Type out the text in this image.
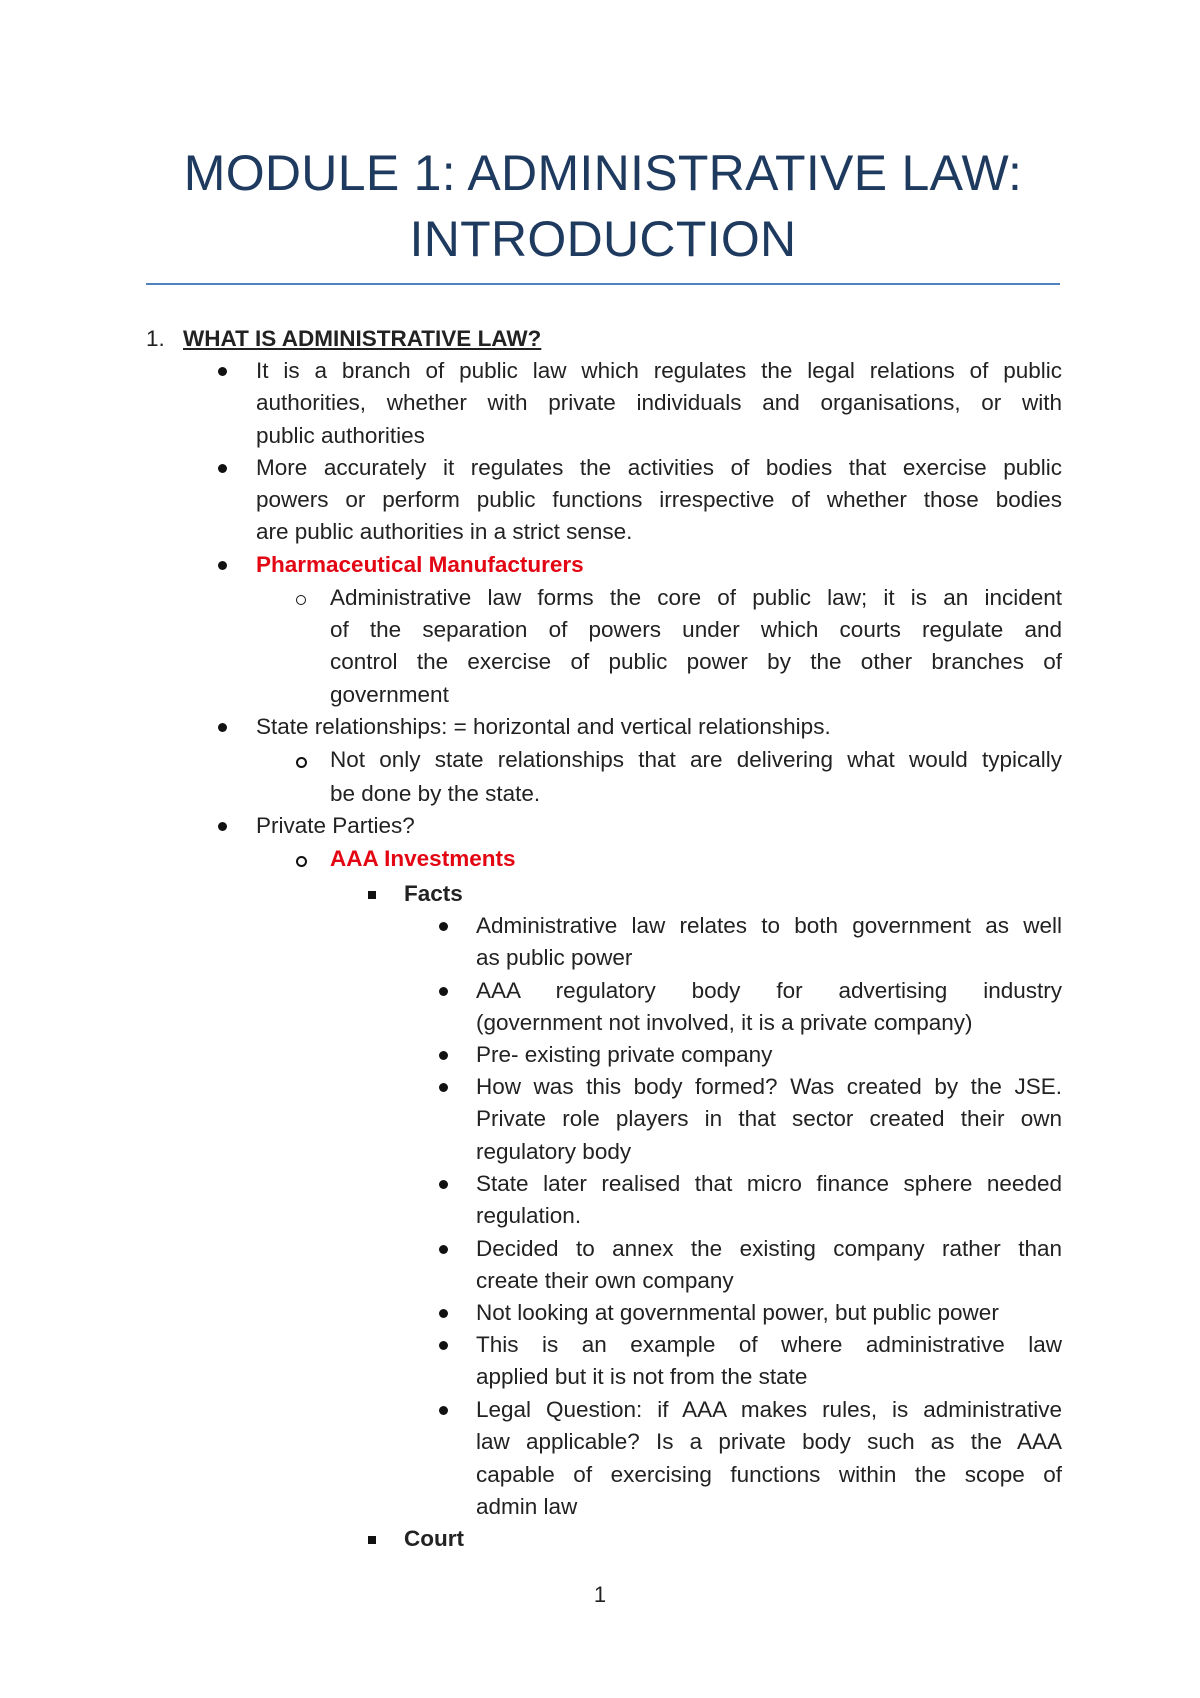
MODULE 1: ADMINISTRATIVE LAW:
INTRODUCTION
1. WHAT IS ADMINISTRATIVE LAW?
It is a branch of public law which regulates the legal relations of public
authorities, whether with private individuals and organisations, or with
public authorities
More accurately it regulates the activities of bodies that exercise public
powers or perform public functions irrespective of whether those bodies
are public authorities in a strict sense.
Pharmaceutical Manufacturers
Administrative law forms the core of public law; it is an incident
of the separation of powers under which courts regulate and
control the exercise of public power by the other branches of
government
State relationships: = horizontal and vertical relationships.
Not only state relationships that are delivering what would typically
be done by the state.
Private Parties?
AAA Investments
Facts
Administrative law relates to both government as well
as public power
AAA regulatory body for advertising industry
(government not involved, it is a private company)
Pre- existing private company
How was this body formed? Was created by the JSE.
Private role players in that sector created their own
regulatory body
State later realised that micro finance sphere needed
regulation.
Decided to annex the existing company rather than
create their own company
Not looking at governmental power, but public power
This is an example of where administrative law
applied but it is not from the state
Legal Question: if AAA makes rules, is administrative
law applicable? Is a private body such as the AAA
capable of exercising functions within the scope of
admin law
Court
1
